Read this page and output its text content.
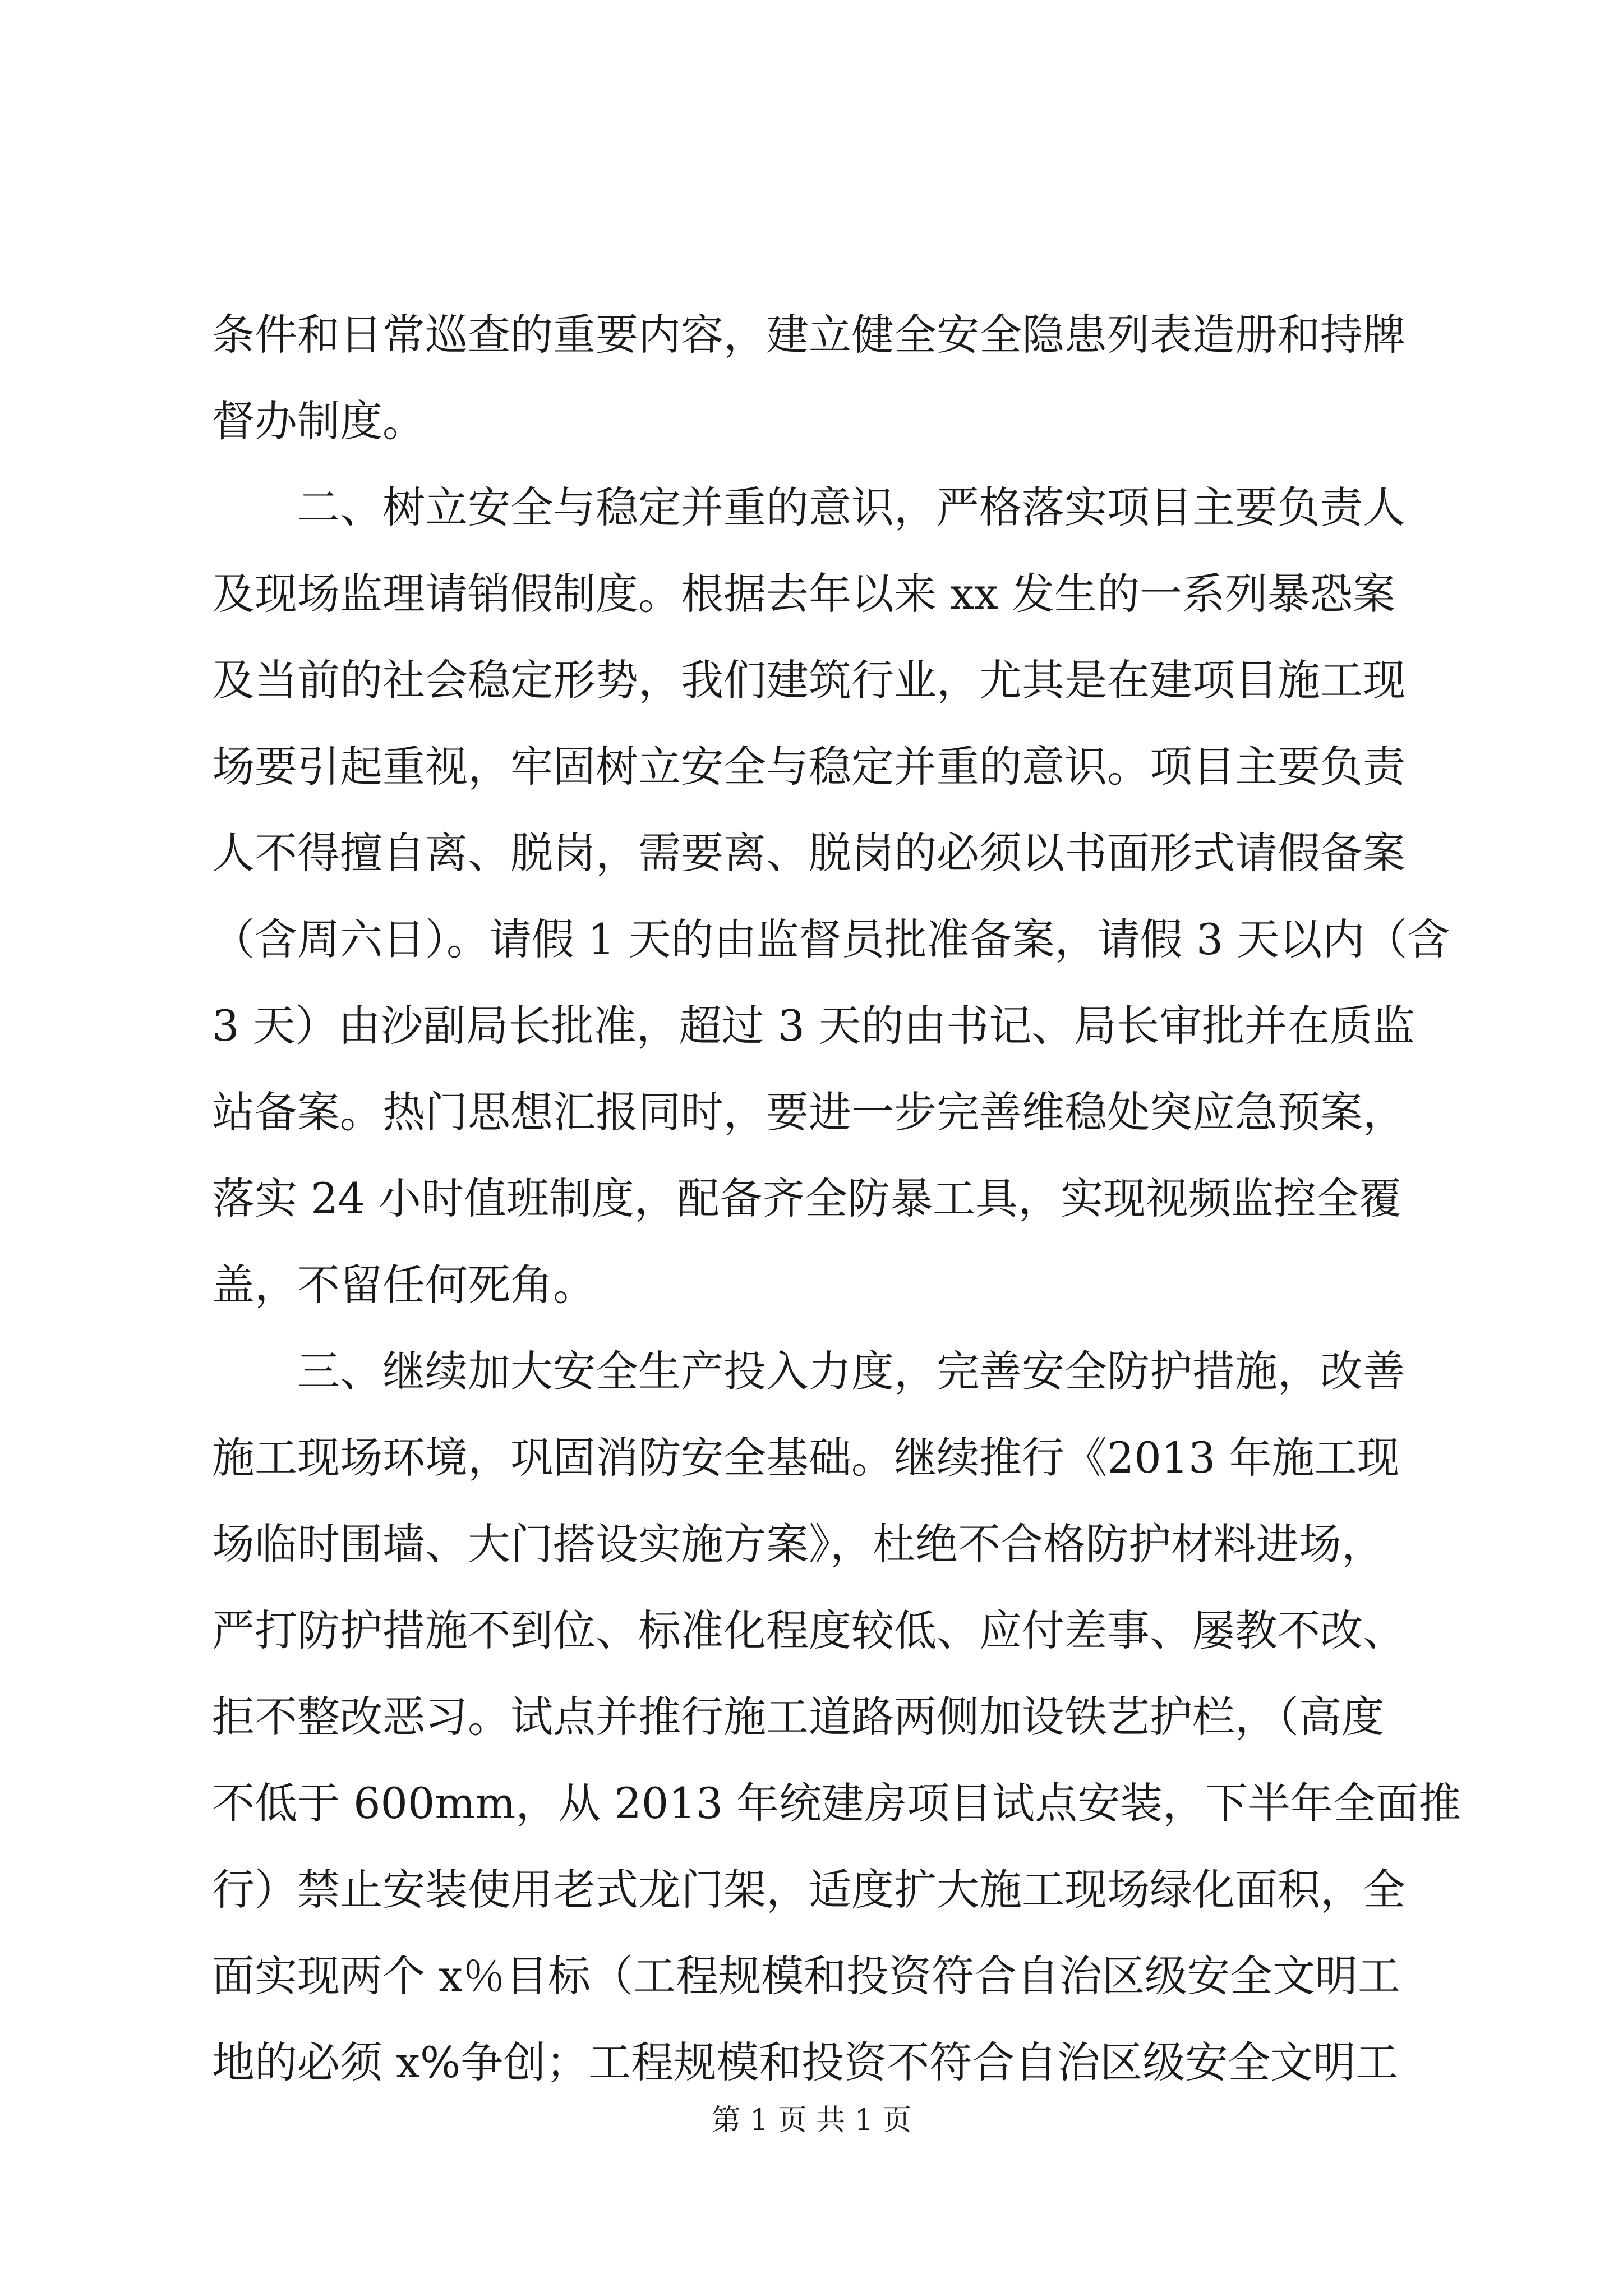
条件和日常巡查的重要内容，建立健全安全隐患列表造册和持牌
督办制度。
　　二、树立安全与稳定并重的意识，严格落实项目主要负责人
及现场监理请销假制度。根据去年以来 xx 发生的一系列暴恐案
及当前的社会稳定形势，我们建筑行业，尤其是在建项目施工现
场要引起重视，牢固树立安全与稳定并重的意识。项目主要负责
人不得擅自离、脱岗，需要离、脱岗的必须以书面形式请假备案
（含周六日）。请假 1 天的由监督员批准备案，请假 3 天以内（含
3 天）由沙副局长批准，超过 3 天的由书记、局长审批并在质监
站备案。热门思想汇报同时，要进一步完善维稳处突应急预案，
落实 24 小时值班制度，配备齐全防暴工具，实现视频监控全覆
盖，不留任何死角。
　　三、继续加大安全生产投入力度，完善安全防护措施，改善
施工现场环境，巩固消防安全基础。继续推行《2013 年施工现
场临时围墙、大门搭设实施方案》，杜绝不合格防护材料进场，
严打防护措施不到位、标准化程度较低、应付差事、屡教不改、
拒不整改恶习。试点并推行施工道路两侧加设铁艺护栏，（高度
不低于 600mm，从 2013 年统建房项目试点安装，下半年全面推
行）禁止安装使用老式龙门架，适度扩大施工现场绿化面积，全
面实现两个 x％目标（工程规模和投资符合自治区级安全文明工
地的必须 x%争创；工程规模和投资不符合自治区级安全文明工
第 1 页 共 1 页
